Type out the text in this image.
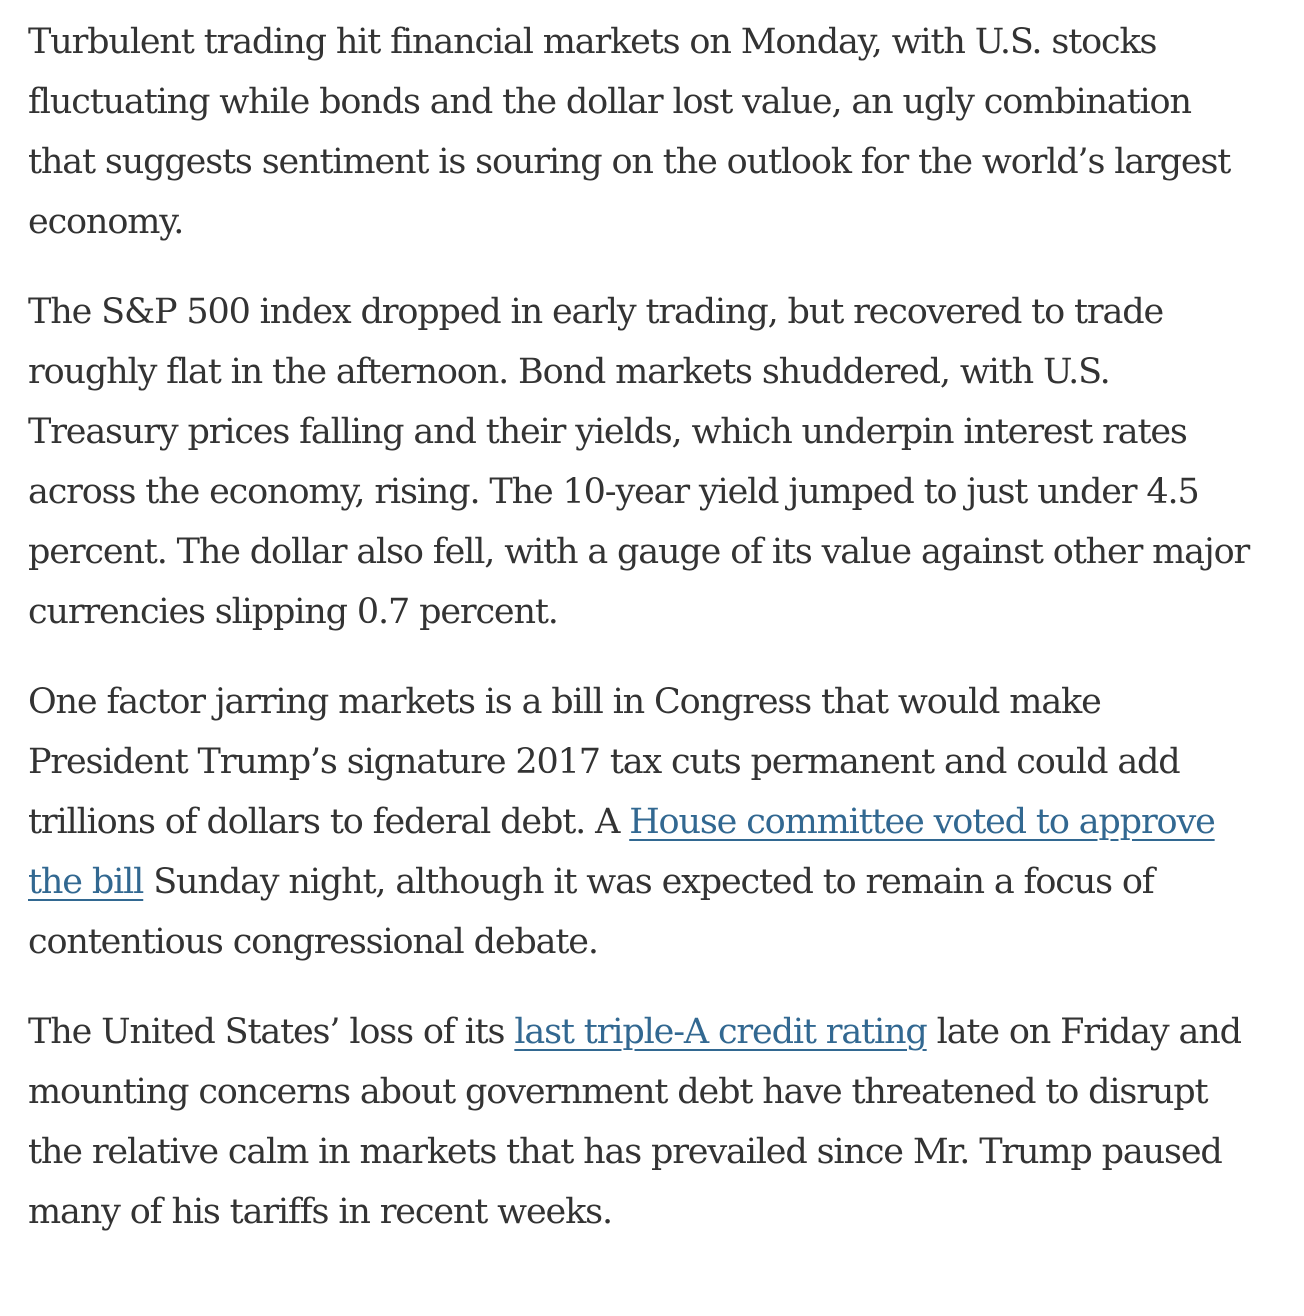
Turbulent trading hit financial markets on Monday, with U.S. stocks fluctuating while bonds and the dollar lost value, an ugly combination that suggests sentiment is souring on the outlook for the world’s largest economy.

The S&P 500 index dropped in early trading, but recovered to trade roughly flat in the afternoon. Bond markets shuddered, with U.S. Treasury prices falling and their yields, which underpin interest rates across the economy, rising. The 10-year yield jumped to just under 4.5 percent. The dollar also fell, with a gauge of its value against other major currencies slipping 0.7 percent.

One factor jarring markets is a bill in Congress that would make President Trump’s signature 2017 tax cuts permanent and could add trillions of dollars to federal debt. A House committee voted to approve the bill Sunday night, although it was expected to remain a focus of contentious congressional debate.

The United States’ loss of its last triple-A credit rating late on Friday and mounting concerns about government debt have threatened to disrupt the relative calm in markets that has prevailed since Mr. Trump paused many of his tariffs in recent weeks.
